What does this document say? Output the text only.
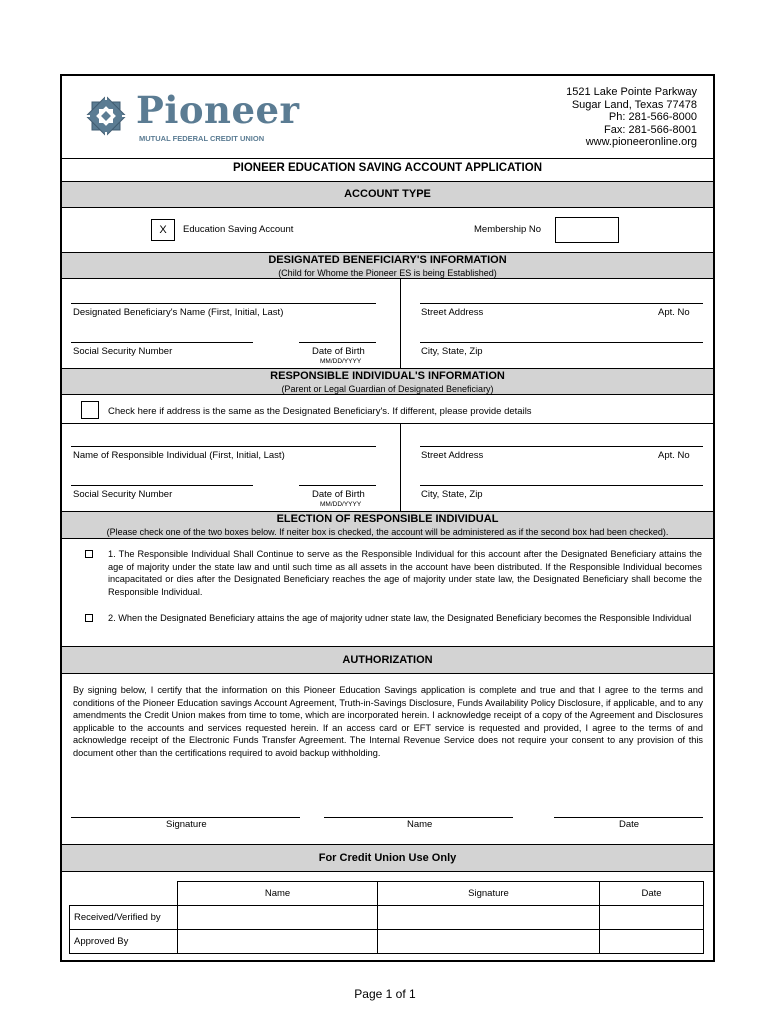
Pioneer
MUTUAL FEDERAL CREDIT UNION
1521 Lake Pointe Parkway
Sugar Land, Texas 77478
Ph: 281-566-8000
Fax: 281-566-8001
www.pioneeronline.org
PIONEER EDUCATION SAVING ACCOUNT APPLICATION
ACCOUNT TYPE
X	Education Saving Account	Membership No
DESIGNATED BENEFICIARY'S INFORMATION
(Child for Whome the Pioneer ES is being Established)
Designated Beneficiary's Name (First, Initial, Last)	Street Address	Apt. No
Social Security Number	Date of Birth
MM/DD/YYYY
City, State, Zip
RESPONSIBLE INDIVIDUAL'S INFORMATION
(Parent or Legal Guardian of Designated Beneficiary)
Check here if address is the same as the Designated Beneficiary's. If different, please provide details
Name of Responsible Individual (First, Initial, Last)	Street Address	Apt. No
Social Security Number	Date of Birth
MM/DD/YYYY
City, State, Zip
ELECTION OF RESPONSIBLE INDIVIDUAL
(Please check one of the two boxes below. If neiter box is checked, the account will be administered as if the second box had been checked).
1. The Responsible Individual Shall Continue to serve as the Responsible Individual for this account after the Designated Beneficiary attains the age of majority under the state law and until such time as all assets in the account have been distributed. If the Responsible Individual becomes incapacitated or dies after the Designated Beneficiary reaches the age of majority under state law, the Designated Beneficiary shall become the Responsible Individual.
2. When the Designated Beneficiary attains the age of majority udner state law, the Designated Beneficiary becomes the Responsible Individual
AUTHORIZATION
By signing below, I certify that the information on this Pioneer Education Savings application is complete and true and that I agree to the terms and conditions of the Pioneer Education savings Account Agreement, Truth-in-Savings Disclosure, Funds Availability Policy Disclosure, if applicable, and to any amendments the Credit Union makes from time to tome, which are incorporated herein. I acknowledge receipt of a copy of the Agreement and Disclosures applicable to the accounts and services requested herein. If an access card or EFT service is requested and provided, I agree to the terms of and acknowledge receipt of the Electronic Funds Transfer Agreement. The Internal Revenue Service does not require your consent to any provision of this document other than the certifications required to avoid backup withholding.
Signature	Name	Date
For Credit Union Use Only
Name	Signature	Date
Received/Verified by
Approved By
Page 1 of 1
